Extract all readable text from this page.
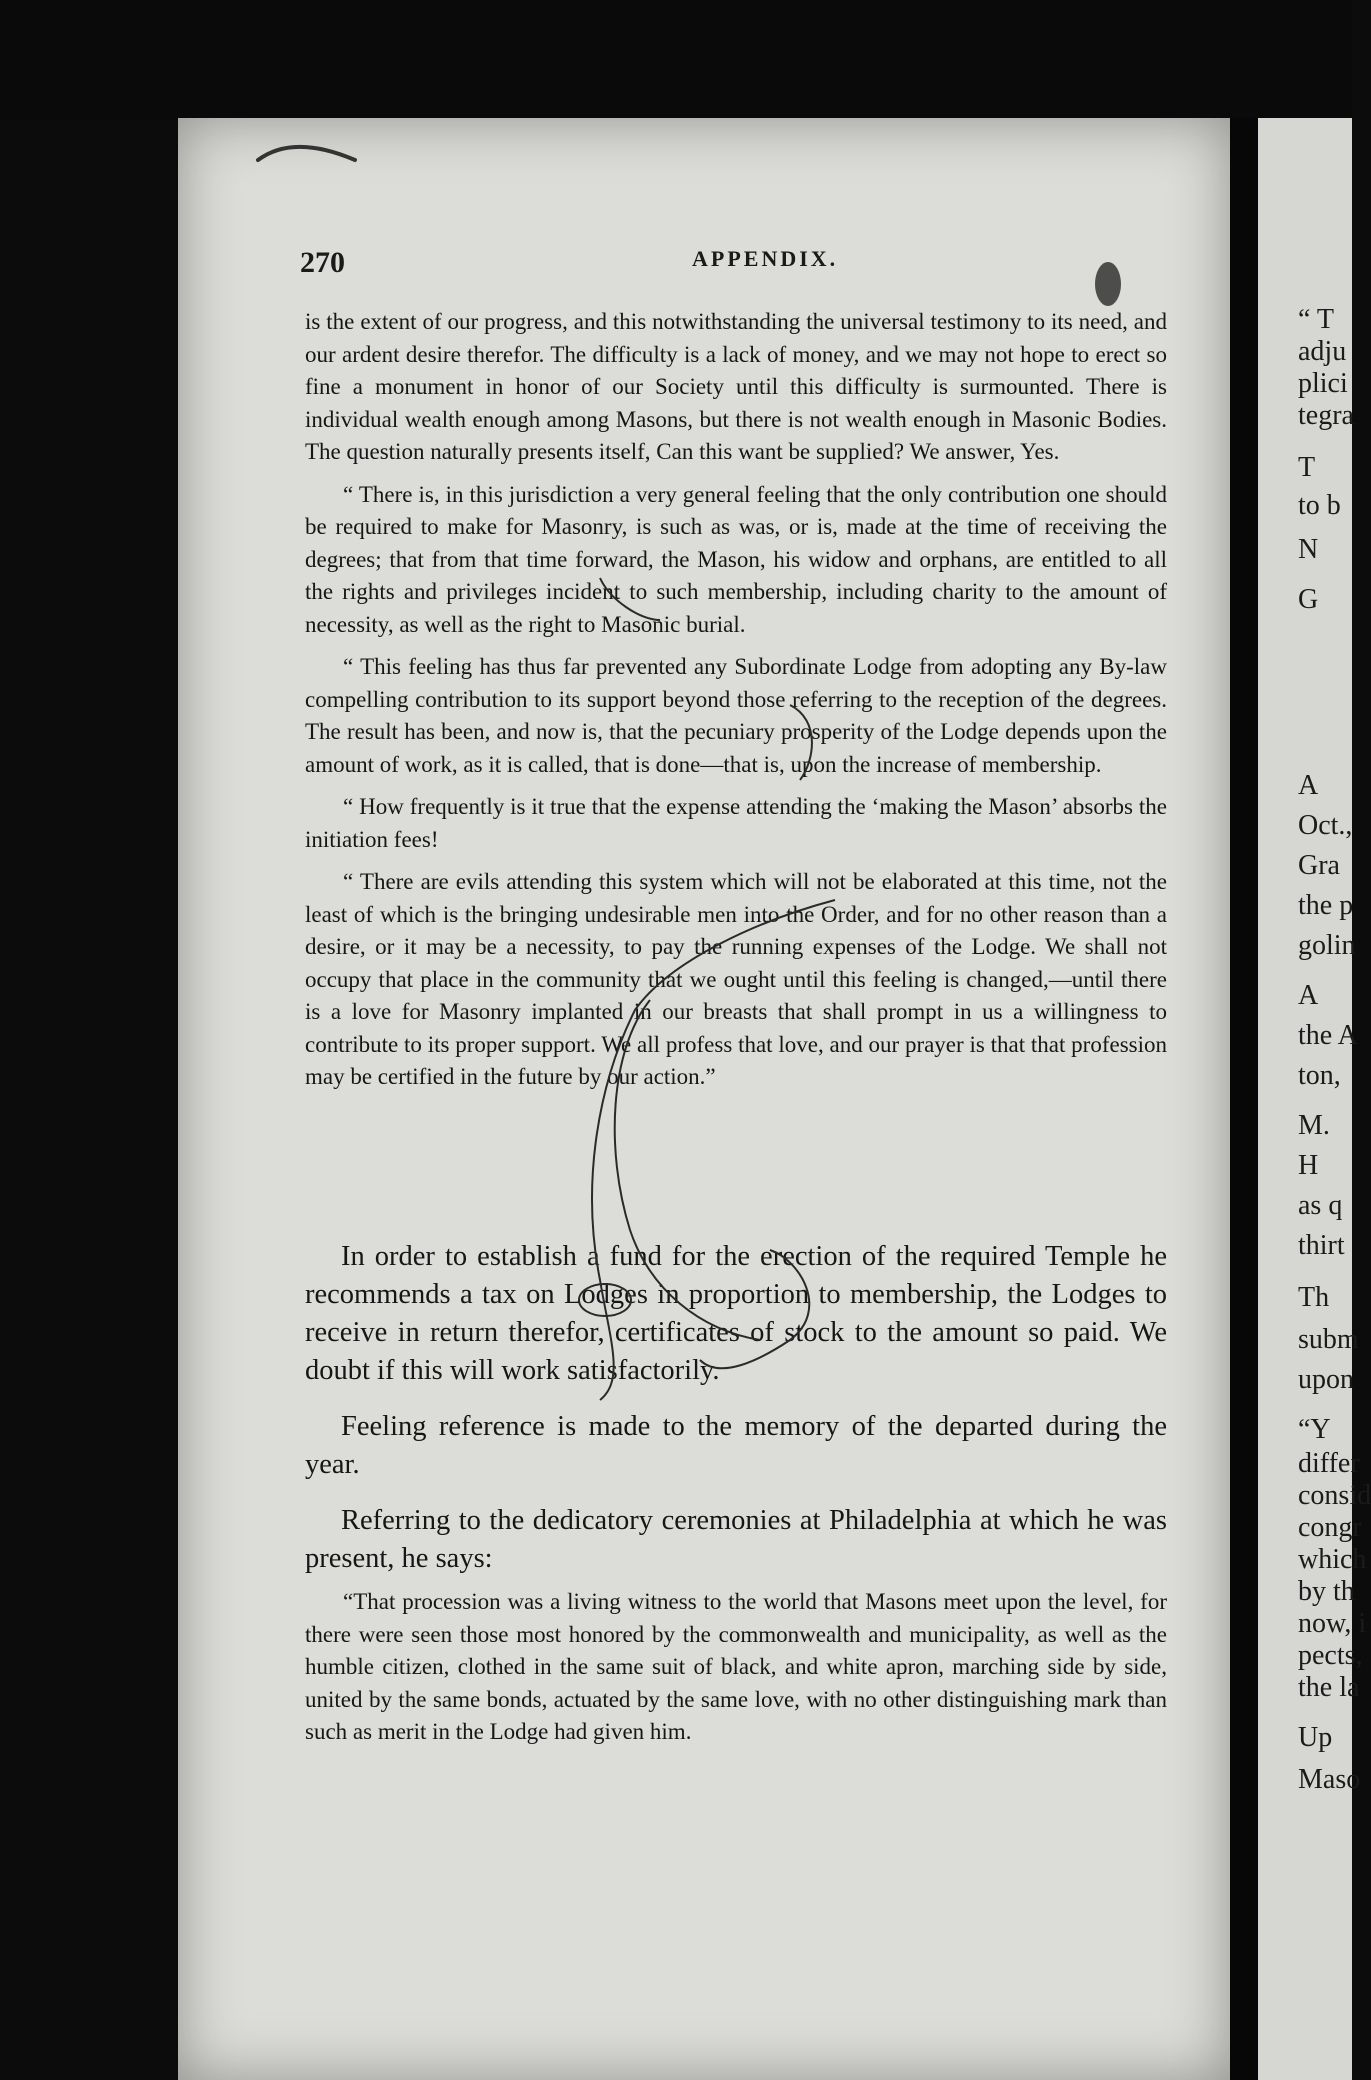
“ T
adju
plici
tegra
T
to b
N
G
A
Oct.,
Gra
the p
golin
A
the A
ton,
M.
H
as q
thirt
Th
subm
upon
“Y
differ
consid
congr
which
by th
now, i
pects,
the la
Up
Maso
270	APPENDIX.

is the extent of our progress, and this notwithstanding the universal testimony to its need, and our ardent desire therefor. The difficulty is a lack of money, and we may not hope to erect so fine a monument in honor of our Society until this difficulty is surmounted. There is individual wealth enough among Masons, but there is not wealth enough in Masonic Bodies. The question naturally presents itself, Can this want be supplied? We answer, Yes.

“ There is, in this jurisdiction a very general feeling that the only contribution one should be required to make for Masonry, is such as was, or is, made at the time of receiving the degrees; that from that time forward, the Mason, his widow and orphans, are entitled to all the rights and privileges incident to such membership, including charity to the amount of necessity, as well as the right to Masonic burial.

“ This feeling has thus far prevented any Subordinate Lodge from adopting any By-law compelling contribution to its support beyond those referring to the reception of the degrees. The result has been, and now is, that the pecuniary prosperity of the Lodge depends upon the amount of work, as it is called, that is done—that is, upon the increase of membership.

“ How frequently is it true that the expense attending the ‘making the Mason’ absorbs the initiation fees!

“ There are evils attending this system which will not be elaborated at this time, not the least of which is the bringing undesirable men into the Order, and for no other reason than a desire, or it may be a necessity, to pay the running expenses of the Lodge. We shall not occupy that place in the community that we ought until this feeling is changed,—until there is a love for Masonry implanted in our breasts that shall prompt in us a willingness to contribute to its proper support. We all profess that love, and our prayer is that that profession may be certified in the future by our action.”

In order to establish a fund for the erection of the required Temple he recommends a tax on Lodges in proportion to membership, the Lodges to receive in return therefor, certificates of stock to the amount so paid. We doubt if this will work satisfactorily.

Feeling reference is made to the memory of the departed during the year.

Referring to the dedicatory ceremonies at Philadelphia at which he was present, he says:

“That procession was a living witness to the world that Masons meet upon the level, for there were seen those most honored by the commonwealth and municipality, as well as the humble citizen, clothed in the same suit of black, and white apron, marching side by side, united by the same bonds, actuated by the same love, with no other distinguishing mark than such as merit in the Lodge had given him.
